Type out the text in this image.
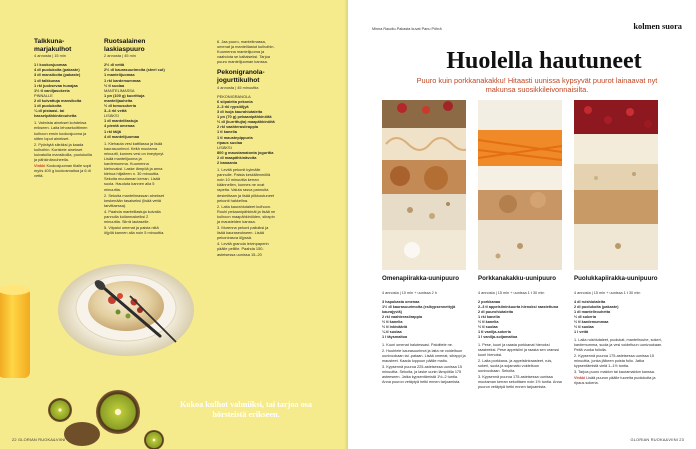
Talkkuna-marjakulhot
4 annosta | 15 min
1 l kookosjuomaa
4 dl puolukoita (pakaste)
3 dl mansikoita (pakaste)
1 dl talkkunaa
1 rkl juoksevaa hunajaa
1½ tl vaniljasokeria
PINNALLE
2 dl kuivattuja mansikoita
1 dl puolukoita
¼ dl pistaasi- tai hasselpähkinärouhetta
1. Valmista ainekset kohdeksa erikseen. Laita lehosekoittimen kulhoon ensin kookosjuoma ja sitten loput ainekset.
2. Pyöräytä sileäksi ja kaada kulhoihin. Koristele ainekset kuivatuilla mansikoilla, puolukoilla ja pähkinärouheella.
Vinkki Kookosjuoman tilalle sopii myös 400 g kookosmaitoa ja 6 dl vettä.
Ruotsalainen laskiaspuuro
2 annosta | 45 min
2½ dl vettä
2½ dl kaurasuurimoita (steel cut)
1 mantelijuomaa
1 rkl kardemummaa
½ tl suolaa
MANTELIMASSA
1 pn (100 g) kuorittuja mantelijauheita
½ dl tomusokeria
3–4 rkl vettä
LISÄKSI
1 dl mantelilastuja
4 pientä omenaa
1 rkl täljä
4 dl mantelijuomaa
1. Kiehauta vesi kattilassa ja lisää kaurasuurimot. Keitä muutama minuutti, kunnes vesi on imeytynyt. Lisää mantelijuoma ja kardemumma. Kuumenna kiehuvaksi. Laske lämpöä ja anna kiehua hiljalleen n. 30 minuuttia. Sekoita muutaman kerran. Lisää suola. Hauduta kannen alla 5 minuuttia.
2. Sekoita mantelimassan ainekset keskenään tasaiseksi (lisää vettä tarvittaessa).
4. Paahda mantelilastuja kuivalla pannulla kullanruskeiksi 2 minuuttia. Siirrä lautaselle.
5. Viipaloi omenat ja paista niitä öljyllä kannen alla noin 5 minuuttia.
6. Jaa puuro, mantelimassa, omenat ja mantelilastut kulhoihin. Kuumenna mantelijuoma ja vaahdota se kaltaiseksi. Tarjoa puuro mantelijuoman kanssa.
Pekonigranola-jogurttikulhot
4 annosta | 45 minuuttia
PEKONIGRANOLA
6 siipaleita pekonia
2–3 rkl rypsiöljyä
3 dl isoja kaurahiutaleita
1 pn (70 g) pekaanipähkinöitä
½ dl (kurrittujia) maapähkinöitä
2 rkl vaahterasiirappia
1 tl kanelia
1 tl maustepippuria
ripaus suolaa
LISÄKSI
800 g maustamatonta jogurttia
2 dl maapähkinävoita
2 banaania
1. Levitä pekonit kylmälle pannulle. Paista keskilämmöllä noin 10 minuuttia kerran käännellen, kunnes ne ovat rapeita. Valuta rasva pannulta desimittaan ja lisää pilkkoutuneet pekonit hakkelina.
2. Laita kaurahiutaleet kulhoon. Rouhi pekaanipähkinät ja lisää ne kulhoon maapähkinöiden, siirapin ja mausteiden kanssa.
3. Murenna pekoni palioiksi ja lisää kauraseokseen. Lisää pekonirasva öljyssä.
4. Levitä granola leivinpaperin päälle pellille. Paahda 150-asteisessa uunissa 15–20
Kokoa kulhot valmiiksi, tai tarjoa osa hörsteistä erikseen.
22 GLORIAN RUOKA&VIINI
Minna Raudio-Pakasta kuvat Panu Pöhrä	kolmen suora
Huolella hautuneet
Puuro kuin porkkanakakku! Hitaasti uunissa kypsyvät puurot lainaavat nyt makunsa suosikkileivonnaisilta.
Omenapiirakka-uunipuuro
4 annosta | 10 min + uunissa 2 h
3 hapokasta omenaa
1½ dl kaurasuurimoita (esikypsennettyjä kaurajyviä)
2 rkl vaahterasiirappia
½ tl kanelia
½ tl inkivääriä
¼ tl suolaa
1 l täysmaitoa
1. Kuori omenat halutessasi. Paloittele ne.
2. Huuhtele kaurasuurimot ja laita ne voideltuun uunivuokaan tai -pataan. Lisää omenat, siirappi ja mausteet. Kaada loppuun päälle maito.
3. Kypsennä puuroa 225-asteisessa uunissa 15 minuuttia. Sekoita, ja laske uunin lämpötila 175 asteeseen. Jatka kypsentämistä 1½–2 tuntia. Anna puuron vetäytyä hetki ennen tarjoamista.
Porkkanakakku-uunipuuro
4 annosta | 15 min + uunissa 1 t 30 min
2 porkkanaa
2–3 tl appelsiininkuorta hienoksi raastettuna
2 dl puurohiutaleita
1 rkl kanelia
½ tl kanelia
½ tl suolaa
1 tl vanilja-sokeria
1 l vanilja-soijamaitoa
1. Pese, kuori ja raasta porkkanat hienoksi raasteeksi. Pese appelsiini ja raasta sen oranssi kuori hienoksi.
2. Laita porkkana- ja appelsiiniraasteet, ruis, sokeri, suola ja sojamaito voideltuun uunivuokaan. Sekoita.
3. Kypsennä puuroa 175-asteisessa uunissa muutaman kerran sekoittaen noin 1½ tuntia. Anna puuron vetäytyä hetki ennen tarjoamista.
Puolukkapiirakka-uunipuuro
4 annosta | 15 min + uunissa 1 t 30 min
4 dl ruishiutaleita
2 dl puolukoita (pakaste)
1 dl mantelirouhetta
½ dl sokeria
½ tl kardemummaa
½ tl suolaa
1 l vettä
1. Laita ruishiutaleet, puolukat, mantelirouhe, sokeri, kardemumma, suola ja vesi voideltuun uunivuokaan. Peitä vuoka foliolla.
2. Kypsennä puuroa 175-asteisessa uunissa 15 minuuttia, jonka jälkeen poista folio. Jatka kypsentämistä vielä 1–1½ tuntia.
3. Tarjoa puuro maidon tai kauramaidon kanssa.
Vinkki Lisää puuron päälle tuoreita puolukoita ja ripaus sokeria.
GLORIAN RUOKA&VIINI 23
